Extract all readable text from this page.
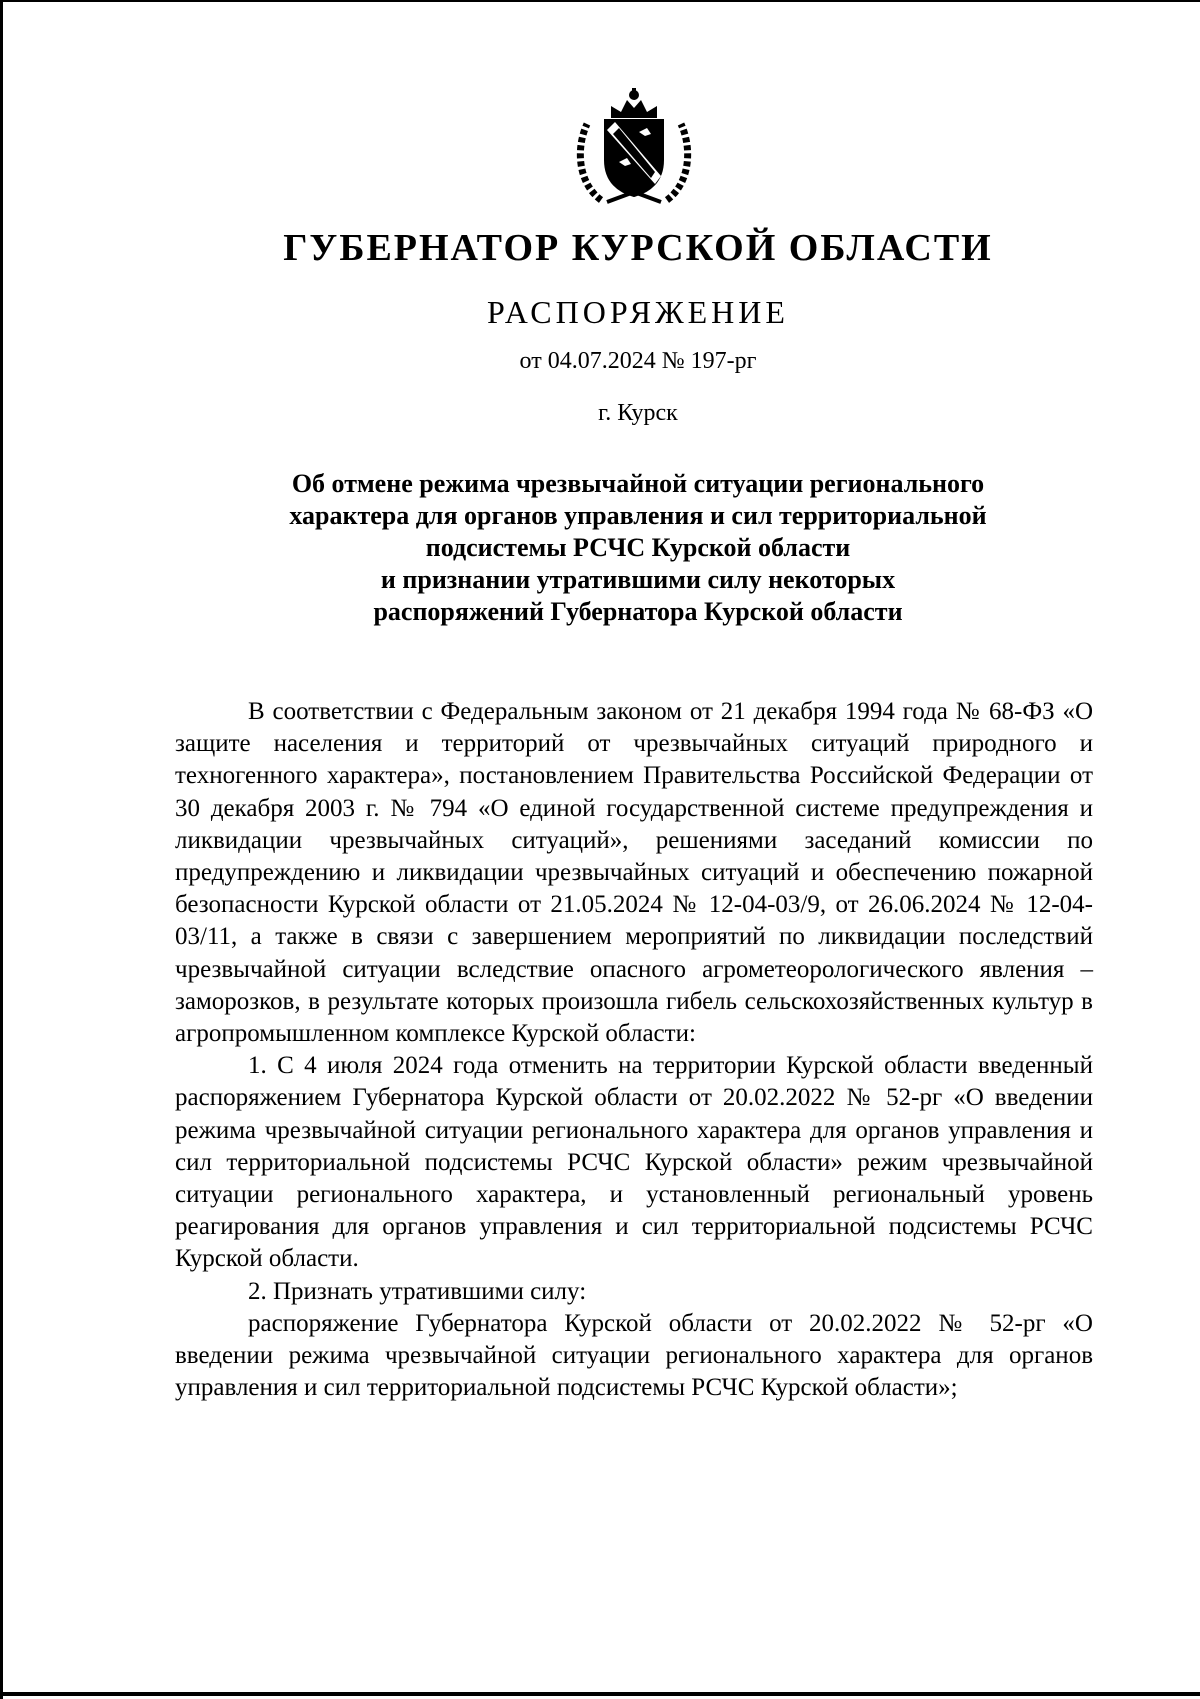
ГУБЕРНАТОР КУРСКОЙ ОБЛАСТИ
РАСПОРЯЖЕНИЕ
от 04.07.2024 № 197-рг
г. Курск
Об отмене режима чрезвычайной ситуации регионального
характера для органов управления и сил территориальной
подсистемы РСЧС Курской области
и признании утратившими силу некоторых
распоряжений Губернатора Курской области

В соответствии с Федеральным законом от 21 декабря 1994 года № 68-ФЗ «О защите населения и территорий от чрезвычайных ситуаций природного и техногенного характера», постановлением Правительства Российской Федерации от 30 декабря 2003 г. № 794 «О единой государственной системе предупреждения и ликвидации чрезвычайных ситуаций», решениями заседаний комиссии по предупреждению и ликвидации чрезвычайных ситуаций и обеспечению пожарной безопасности Курской области от 21.05.2024 № 12-04-03/9, от 26.06.2024 № 12-04-03/11, а также в связи с завершением мероприятий по ликвидации последствий чрезвычайной ситуации вследствие опасного агрометеорологического явления – заморозков, в результате которых произошла гибель сельскохозяйственных культур в агропромышленном комплексе Курской области:

1. С 4 июля 2024 года отменить на территории Курской области введенный распоряжением Губернатора Курской области от 20.02.2022 № 52-рг «О введении режима чрезвычайной ситуации регионального характера для органов управления и сил территориальной подсистемы РСЧС Курской области» режим чрезвычайной ситуации регионального характера, и установленный региональный уровень реагирования для органов управления и сил территориальной подсистемы РСЧС Курской области.

2. Признать утратившими силу:

распоряжение Губернатора Курской области от 20.02.2022 № 52-рг «О введении режима чрезвычайной ситуации регионального характера для органов управления и сил территориальной подсистемы РСЧС Курской области»;
